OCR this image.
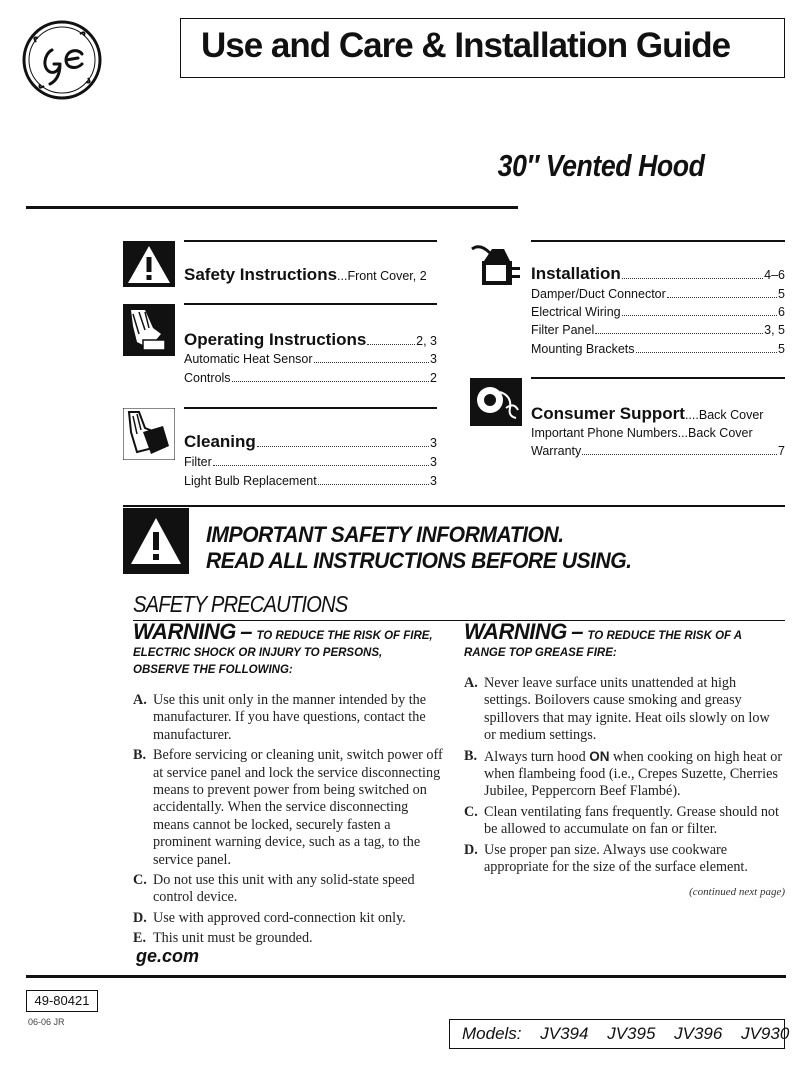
Use and Care & Installation Guide
30″ Vented Hood
Safety Instructions...Front Cover, 2
Operating Instructions	2, 3
Automatic Heat Sensor	3
Controls	2
Cleaning	3
Filter	3
Light Bulb Replacement	3
Installation	4–6
Damper/Duct Connector	5
Electrical Wiring	6
Filter Panel	3, 5
Mounting Brackets	5
Consumer Support....Back Cover
Important Phone Numbers ... Back Cover
Warranty	7
IMPORTANT SAFETY INFORMATION.
READ ALL INSTRUCTIONS BEFORE USING.
SAFETY PRECAUTIONS
WARNING – TO REDUCE THE RISK OF FIRE,
ELECTRIC SHOCK OR INJURY TO PERSONS,
OBSERVE THE FOLLOWING:
A. Use this unit only in the manner intended by the manufacturer. If you have questions, contact the manufacturer.
B. Before servicing or cleaning unit, switch power off at service panel and lock the service disconnecting means to prevent power from being switched on accidentally. When the service disconnecting means cannot be locked, securely fasten a prominent warning device, such as a tag, to the service panel.
C. Do not use this unit with any solid-state speed control device.
D. Use with approved cord-connection kit only.
E. This unit must be grounded.
WARNING – TO REDUCE THE RISK OF A
RANGE TOP GREASE FIRE:
A. Never leave surface units unattended at high settings. Boilovers cause smoking and greasy spillovers that may ignite. Heat oils slowly on low or medium settings.
B. Always turn hood ON when cooking on high heat or when flambeing food (i.e., Crepes Suzette, Cherries Jubilee, Peppercorn Beef Flambé).
C. Clean ventilating fans frequently. Grease should not be allowed to accumulate on fan or filter.
D. Use proper pan size. Always use cookware appropriate for the size of the surface element.
(continued next page)
ge.com
49-80421
06-06 JR
Models: JV394 JV395 JV396 JV930
